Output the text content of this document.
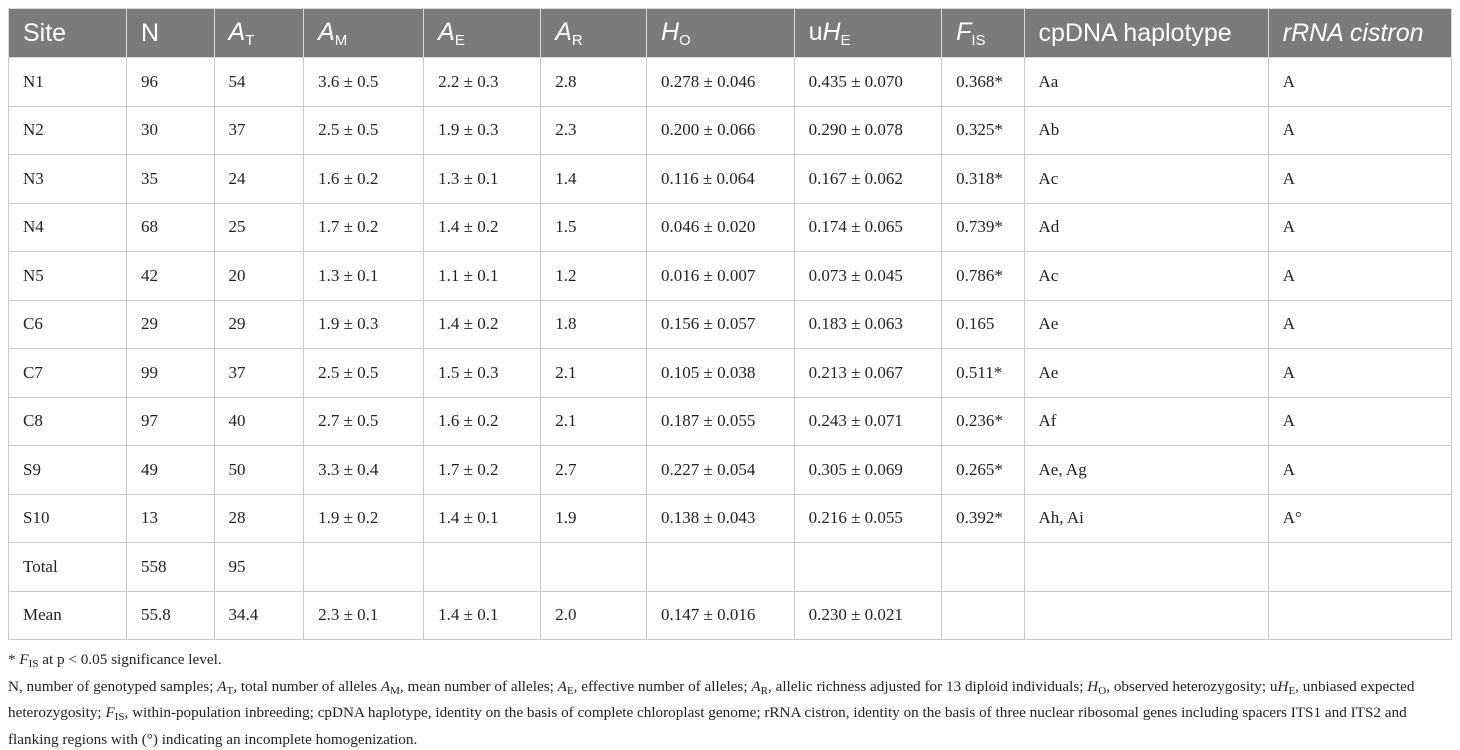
Site	N	$A_T$	$A_M$	$A_E$	$A_R$	$H_O$	$uH_E$	$F_{IS}$	cpDNA haplotype	rRNA cistron
N1	96	54	3.6 ± 0.5	2.2 ± 0.3	2.8	0.278 ± 0.046	0.435 ± 0.070	0.368*	Aa	A
N2	30	37	2.5 ± 0.5	1.9 ± 0.3	2.3	0.200 ± 0.066	0.290 ± 0.078	0.325*	Ab	A
N3	35	24	1.6 ± 0.2	1.3 ± 0.1	1.4	0.116 ± 0.064	0.167 ± 0.062	0.318*	Ac	A
N4	68	25	1.7 ± 0.2	1.4 ± 0.2	1.5	0.046 ± 0.020	0.174 ± 0.065	0.739*	Ad	A
N5	42	20	1.3 ± 0.1	1.1 ± 0.1	1.2	0.016 ± 0.007	0.073 ± 0.045	0.786*	Ac	A
C6	29	29	1.9 ± 0.3	1.4 ± 0.2	1.8	0.156 ± 0.057	0.183 ± 0.063	0.165	Ae	A
C7	99	37	2.5 ± 0.5	1.5 ± 0.3	2.1	0.105 ± 0.038	0.213 ± 0.067	0.511*	Ae	A
C8	97	40	2.7 ± 0.5	1.6 ± 0.2	2.1	0.187 ± 0.055	0.243 ± 0.071	0.236*	Af	A
S9	49	50	3.3 ± 0.4	1.7 ± 0.2	2.7	0.227 ± 0.054	0.305 ± 0.069	0.265*	Ae, Ag	A
S10	13	28	1.9 ± 0.2	1.4 ± 0.1	1.9	0.138 ± 0.043	0.216 ± 0.055	0.392*	Ah, Ai	A°
Total	558	95								
Mean	55.8	34.4	2.3 ± 0.1	1.4 ± 0.1	2.0	0.147 ± 0.016	0.230 ± 0.021			

* $F_{IS}$ at p < 0.05 significance level.

N, number of genotyped samples; $A_T$, total number of alleles $A_M$, mean number of alleles; $A_E$, effective number of alleles; $A_R$, allelic richness adjusted for 13 diploid individuals; $H_O$, observed heterozygosity; $uH_E$, unbiased expected heterozygosity; $F_{IS}$, within-population inbreeding; cpDNA haplotype, identity on the basis of complete chloroplast genome; rRNA cistron, identity on the basis of three nuclear ribosomal genes including spacers ITS1 and ITS2 and flanking regions with (°) indicating an incomplete homogenization.
